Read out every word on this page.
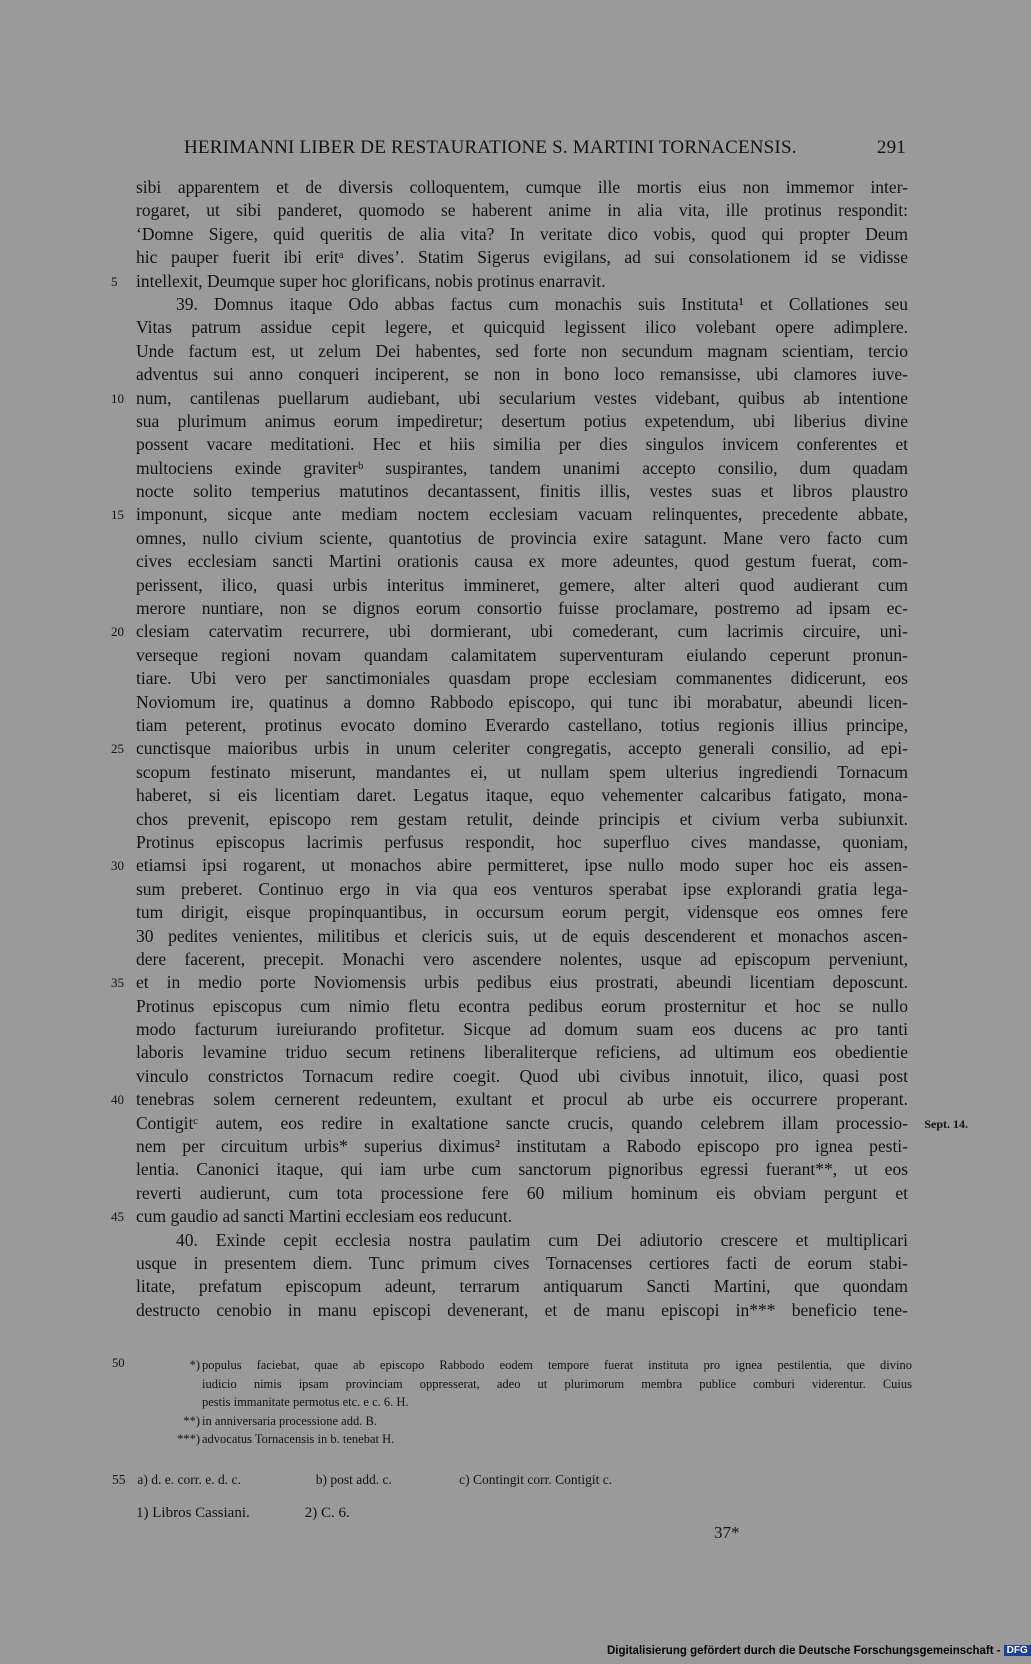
HERIMANNI LIBER DE RESTAURATIONE S. MARTINI TORNACENSIS.	291
sibi apparentem et de diversis colloquentem, cumque ille mortis eius non immemor inter-
rogaret, ut sibi panderet, quomodo se haberent anime in alia vita, ille protinus respondit:
‘Domne Sigere, quid queritis de alia vita? In veritate dico vobis, quod qui propter Deum
hic pauper fuerit ibi eritᵃ dives’. Statim Sigerus evigilans, ad sui consolationem id se vidisse
intellexit, Deumque super hoc glorificans, nobis protinus enarravit.
5
39. Domnus itaque Odo abbas factus cum monachis suis Instituta¹ et Collationes seu
Vitas patrum assidue cepit legere, et quicquid legissent ilico volebant opere adimplere.
Unde factum est, ut zelum Dei habentes, sed forte non secundum magnam scientiam, tercio
adventus sui anno conqueri inciperent, se non in bono loco remansisse, ubi clamores iuve-
num, cantilenas puellarum audiebant, ubi secularium vestes videbant, quibus ab intentione
10
sua plurimum animus eorum impediretur; desertum potius expetendum, ubi liberius divine
possent vacare meditationi. Hec et hiis similia per dies singulos invicem conferentes et
multociens exinde graviterᵇ suspirantes, tandem unanimi accepto consilio, dum quadam
nocte solito temperius matutinos decantassent, finitis illis, vestes suas et libros plaustro
imponunt, sicque ante mediam noctem ecclesiam vacuam relinquentes, precedente abbate,
15
omnes, nullo civium sciente, quantotius de provincia exire satagunt. Mane vero facto cum
cives ecclesiam sancti Martini orationis causa ex more adeuntes, quod gestum fuerat, com-
perissent, ilico, quasi urbis interitus immineret, gemere, alter alteri quod audierant cum
merore nuntiare, non se dignos eorum consortio fuisse proclamare, postremo ad ipsam ec-
clesiam catervatim recurrere, ubi dormierant, ubi comederant, cum lacrimis circuire, uni-
20
verseque regioni novam quandam calamitatem superventuram eiulando ceperunt pronun-
tiare. Ubi vero per sanctimoniales quasdam prope ecclesiam commanentes didicerunt, eos
Noviomum ire, quatinus a domno Rabbodo episcopo, qui tunc ibi morabatur, abeundi licen-
tiam peterent, protinus evocato domino Everardo castellano, totius regionis illius principe,
cunctisque maioribus urbis in unum celeriter congregatis, accepto generali consilio, ad epi-
25
scopum festinato miserunt, mandantes ei, ut nullam spem ulterius ingrediendi Tornacum
haberet, si eis licentiam daret. Legatus itaque, equo vehementer calcaribus fatigato, mona-
chos prevenit, episcopo rem gestam retulit, deinde principis et civium verba subiunxit.
Protinus episcopus lacrimis perfusus respondit, hoc superfluo cives mandasse, quoniam,
etiamsi ipsi rogarent, ut monachos abire permitteret, ipse nullo modo super hoc eis assen-
30
sum preberet. Continuo ergo in via qua eos venturos sperabat ipse explorandi gratia lega-
tum dirigit, eisque propinquantibus, in occursum eorum pergit, vidensque eos omnes fere
30 pedites venientes, militibus et clericis suis, ut de equis descenderent et monachos ascen-
dere facerent, precepit. Monachi vero ascendere nolentes, usque ad episcopum perveniunt,
et in medio porte Noviomensis urbis pedibus eius prostrati, abeundi licentiam deposcunt.
35
Protinus episcopus cum nimio fletu econtra pedibus eorum prosternitur et hoc se nullo
modo facturum iureiurando profitetur. Sicque ad domum suam eos ducens ac pro tanti
laboris levamine triduo secum retinens liberaliterque reficiens, ad ultimum eos obedientie
vinculo constrictos Tornacum redire coegit. Quod ubi civibus innotuit, ilico, quasi post
tenebras solem cernerent redeuntem, exultant et procul ab urbe eis occurrere properant.
40
Contigitᶜ autem, eos redire in exaltatione sancte crucis, quando celebrem illam processio- Sept. 14.
nem per circuitum urbis* superius diximus² institutam a Rabodo episcopo pro ignea pesti-
lentia. Canonici itaque, qui iam urbe cum sanctorum pignoribus egressi fuerant**, ut eos
reverti audierunt, cum tota processione fere 60 milium hominum eis obviam pergunt et
cum gaudio ad sancti Martini ecclesiam eos reducunt.
45
40. Exinde cepit ecclesia nostra paulatim cum Dei adiutorio crescere et multiplicari
usque in presentem diem. Tunc primum cives Tornacenses certiores facti de eorum stabi-
litate, prefatum episcopum adeunt, terrarum antiquarum Sancti Martini, que quondam
destructo cenobio in manu episcopi devenerant, et de manu episcopi in*** beneficio tene-
50	*) populus faciebat, quae ab episcopo Rabbodo eodem tempore fuerat instituta pro ignea pestilentia, que divino
iudicio nimis ipsam provinciam oppresserat, adeo ut plurimorum membra publice comburi viderentur. Cuius
pestis immanitate permotus etc. e c. 6. H.
**) in anniversaria processione add. B.
***) advocatus Tornacensis in b. tenebat H.
55 a) d. e. corr. e. d. c.	b) post add. c.	c) Contingit corr. Contigit c.
1) Libros Cassiani.	2) C. 6.
37*
Digitalisierung gefördert durch die Deutsche Forschungsgemeinschaft - DFG
